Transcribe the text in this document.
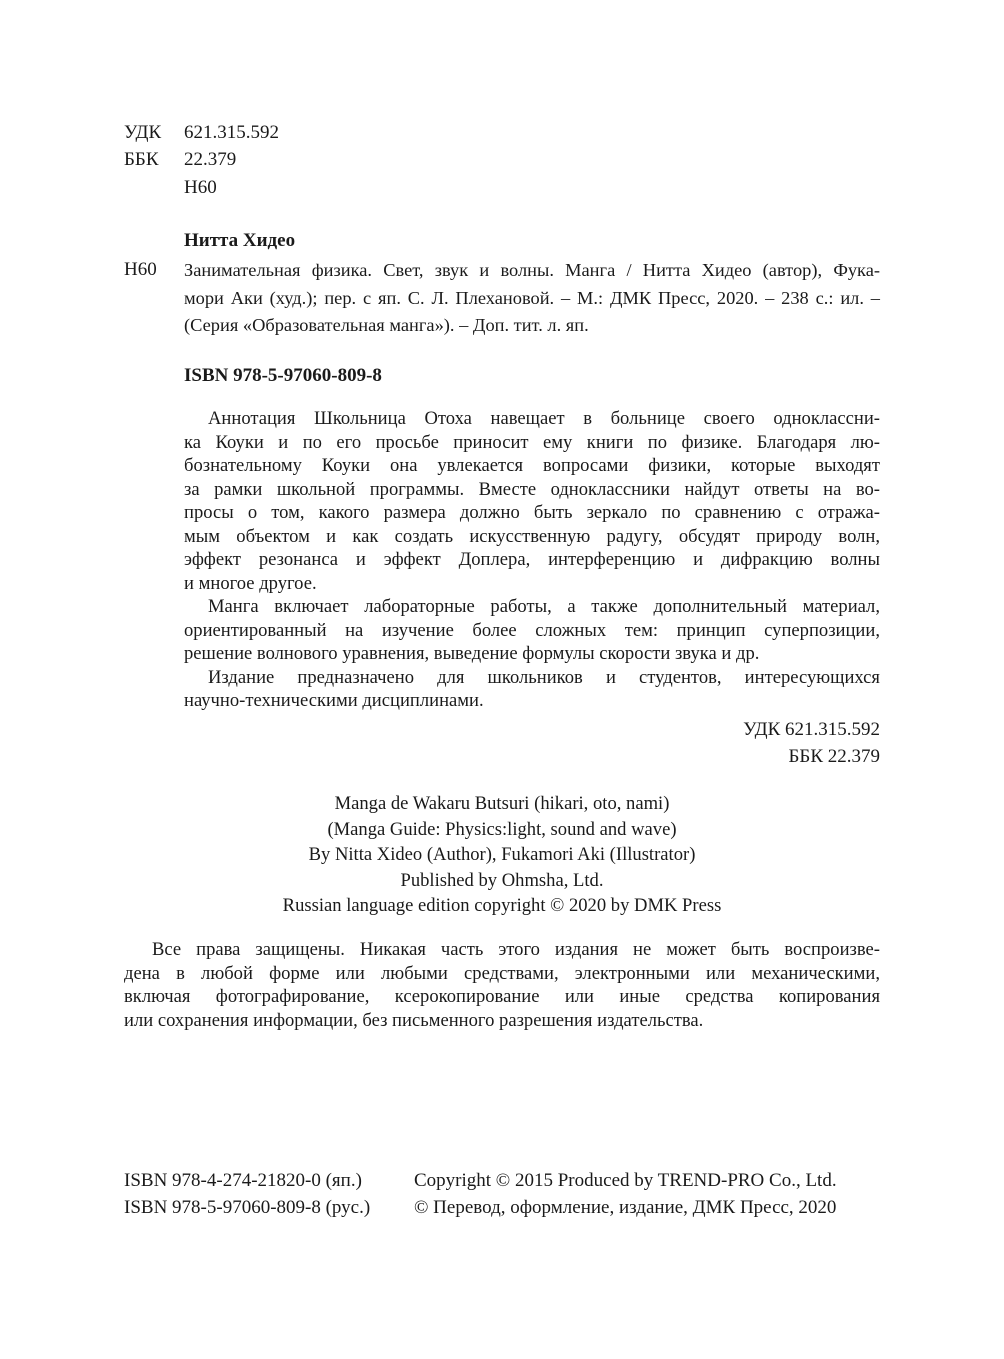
УДК 621.315.592
ББК 22.379
Н60
Нитта Хидео
Н60 Занимательная физика. Свет, звук и волны. Манга / Нитта Хидео (автор), Фука-
мори Аки (худ.); пер. с яп. С. Л. Плехановой. – М.: ДМК Пресс, 2020. – 238 с.: ил. –
(Серия «Образовательная манга»). – Доп. тит. л. яп.
ISBN 978-5-97060-809-8
Аннотация Школьница Отоха навещает в больнице своего одноклассни-
ка Коуки и по его просьбе приносит ему книги по физике. Благодаря лю-
бознательному Коуки она увлекается вопросами физики, которые выходят
за рамки школьной программы. Вместе одноклассники найдут ответы на во-
просы о том, какого размера должно быть зеркало по сравнению с отража-
мым объектом и как создать искусственную радугу, обсудят природу волн,
эффект резонанса и эффект Доплера, интерференцию и дифракцию волны
и многое другое.
Манга включает лабораторные работы, а также дополнительный материал,
ориентированный на изучение более сложных тем: принцип суперпозиции,
решение волнового уравнения, выведение формулы скорости звука и др.
Издание предназначено для школьников и студентов, интересующихся
научно-техническими дисциплинами.
УДК 621.315.592
ББК 22.379
Manga de Wakaru Butsuri (hikari, oto, nami)
(Manga Guide: Physics:light, sound and wave)
By Nitta Xideo (Author), Fukamori Aki (Illustrator)
Published by Ohmsha, Ltd.
Russian language edition copyright © 2020 by DMK Press
Все права защищены. Никакая часть этого издания не может быть воспроизве-
дена в любой форме или любыми средствами, электронными или механическими,
включая фотографирование, ксерокопирование или иные средства копирования
или сохранения информации, без письменного разрешения издательства.
ISBN 978-4-274-21820-0 (яп.)
ISBN 978-5-97060-809-8 (рус.)
Copyright © 2015 Produced by TREND-PRO Co., Ltd.
© Перевод, оформление, издание, ДМК Пресс, 2020
